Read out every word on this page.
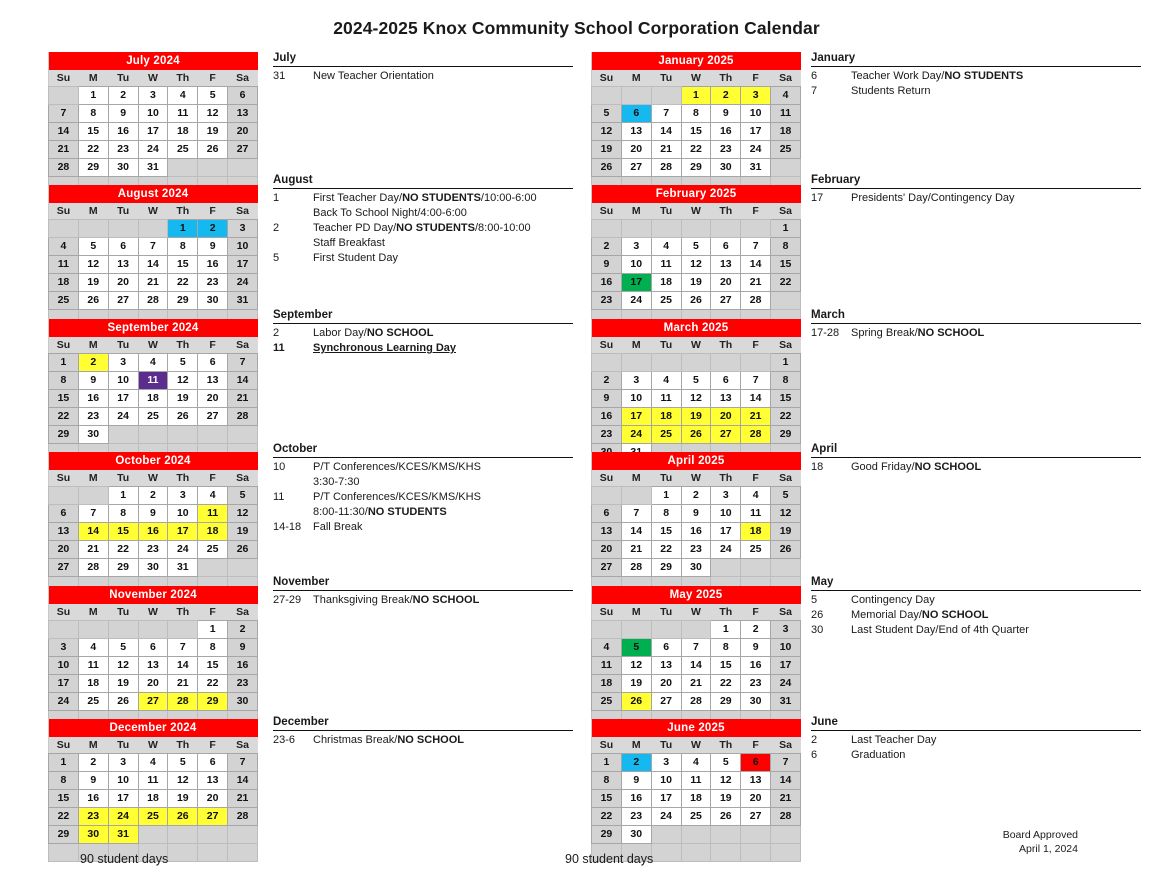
2024-2025 Knox Community School Corporation Calendar
July 2024						
Su	M	Tu	W	Th	F	Sa
	1	2	3	4	5	6
7	8	9	10	11	12	13
14	15	16	17	18	19	20
21	22	23	24	25	26	27
28	29	30	31			

August 2024						
Su	M	Tu	W	Th	F	Sa
				1	2	3
4	5	6	7	8	9	10
11	12	13	14	15	16	17
18	19	20	21	22	23	24
25	26	27	28	29	30	31

September 2024						
Su	M	Tu	W	Th	F	Sa
1	2	3	4	5	6	7
8	9	10	11	12	13	14
15	16	17	18	19	20	21
22	23	24	25	26	27	28
29	30					

October 2024						
Su	M	Tu	W	Th	F	Sa
		1	2	3	4	5
6	7	8	9	10	11	12
13	14	15	16	17	18	19
20	21	22	23	24	25	26
27	28	29	30	31		

November 2024						
Su	M	Tu	W	Th	F	Sa
					1	2
3	4	5	6	7	8	9
10	11	12	13	14	15	16
17	18	19	20	21	22	23
24	25	26	27	28	29	30

December 2024						
Su	M	Tu	W	Th	F	Sa
1	2	3	4	5	6	7
8	9	10	11	12	13	14
15	16	17	18	19	20	21
22	23	24	25	26	27	28
29	30	31				

July
31	New Teacher Orientation
August
1	First Teacher Day/NO STUDENTS/10:00-6:00
Back To School Night/4:00-6:00
2	Teacher PD Day/NO STUDENTS/8:00-10:00
Staff Breakfast
5	First Student Day
September
2	Labor Day/NO SCHOOL
11	Synchronous Learning Day
October
10	P/T Conferences/KCES/KMS/KHS
3:30-7:30
11	P/T Conferences/KCES/KMS/KHS
8:00-11:30/NO STUDENTS
14-18	Fall Break
November
27-29	Thanksgiving Break/NO SCHOOL
December
23-6	Christmas Break/NO SCHOOL
January 2025						
Su	M	Tu	W	Th	F	Sa
			1	2	3	4
5	6	7	8	9	10	11
12	13	14	15	16	17	18
19	20	21	22	23	24	25
26	27	28	29	30	31	

February 2025						
Su	M	Tu	W	Th	F	Sa
						1
2	3	4	5	6	7	8
9	10	11	12	13	14	15
16	17	18	19	20	21	22
23	24	25	26	27	28	

March 2025						
Su	M	Tu	W	Th	F	Sa
						1
2	3	4	5	6	7	8
9	10	11	12	13	14	15
16	17	18	19	20	21	22
23	24	25	26	27	28	29

April 2025						
Su	M	Tu	W	Th	F	Sa
		1	2	3	4	5
6	7	8	9	10	11	12
13	14	15	16	17	18	19
20	21	22	23	24	25	26
27	28	29	30			

May 2025						
Su	M	Tu	W	Th	F	Sa
				1	2	3
4	5	6	7	8	9	10
11	12	13	14	15	16	17
18	19	20	21	22	23	24
25	26	27	28	29	30	31

June 2025						
Su	M	Tu	W	Th	F	Sa
1	2	3	4	5	6	7
8	9	10	11	12	13	14
15	16	17	18	19	20	21
22	23	24	25	26	27	28
29	30					

January
6	Teacher Work Day/NO STUDENTS
7	Students Return
February
17	Presidents' Day/Contingency Day
March
17-28	Spring Break/NO SCHOOL
April
18	Good Friday/NO SCHOOL
May
5	Contingency Day
26	Memorial Day/NO SCHOOL
30	Last Student Day/End of 4th Quarter
June
2	Last Teacher Day
6	Graduation
90 student days	90 student days
Board Approved
April 1, 2024
